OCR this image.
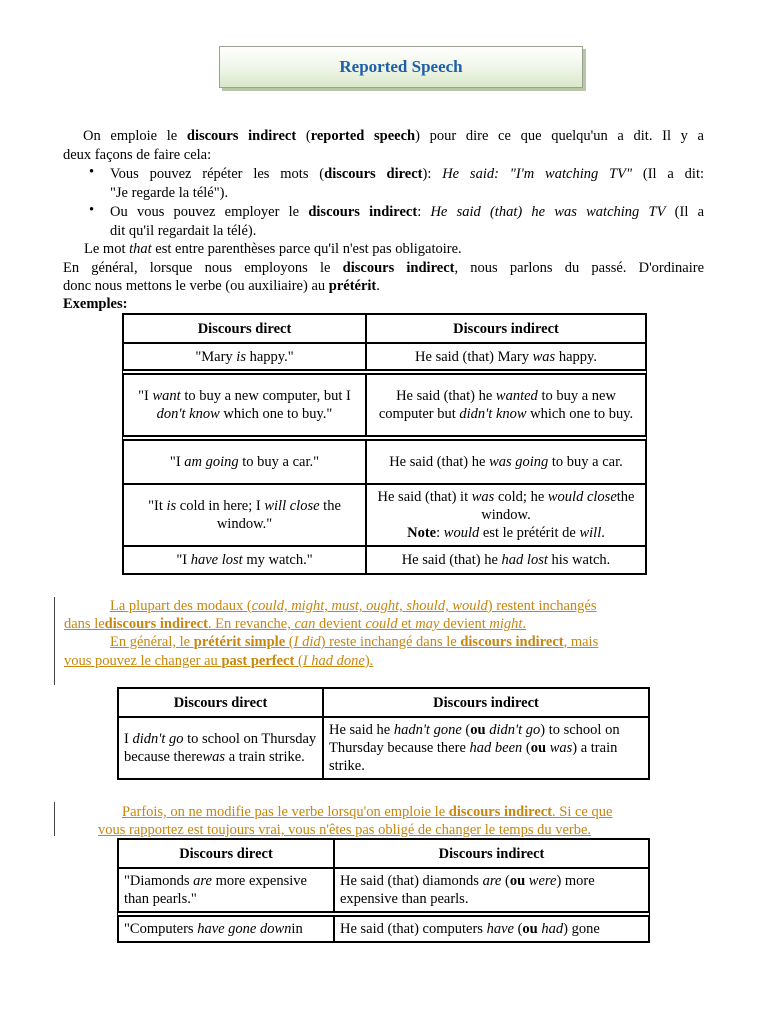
Reported Speech
On emploie le discours indirect (reported speech) pour dire ce que quelqu'un a dit. Il y a
deux façons de faire cela:
• Vous pouvez répéter les mots (discours direct): He said: "I'm watching TV" (Il a dit:
"Je regarde la télé").
• Ou vous pouvez employer le discours indirect: He said (that) he was watching TV (Il a
dit qu'il regardait la télé).
Le mot that est entre parenthèses parce qu'il n'est pas obligatoire.
En général, lorsque nous employons le discours indirect, nous parlons du passé. D'ordinaire
donc nous mettons le verbe (ou auxiliaire) au prétérit.
Exemples:
Discours direct	Discours indirect
"Mary is happy."	He said (that) Mary was happy.

"I want to buy a new computer, but I don't know which one to buy."	He said (that) he wanted to buy a new computer but didn't know which one to buy.

"I am going to buy a car."	He said (that) he was going to buy a car.
"It is cold in here; I will close the window."	He said (that) it was cold; he would closethe window.
Note: would est le prétérit de will.
"I have lost my watch."	He said (that) he had lost his watch.
La plupart des modaux (could, might, must, ought, should, would) restent inchangés
dans lediscours indirect. En revanche, can devient could et may devient might.
En général, le prétérit simple (I did) reste inchangé dans le discours indirect, mais
vous pouvez le changer au past perfect (I had done).
Discours direct	Discours indirect
I didn't go to school on Thursday because therewas a train strike.	He said he hadn't gone (ou didn't go) to school on Thursday because there had been (ou was) a train strike.
Parfois, on ne modifie pas le verbe lorsqu'on emploie le discours indirect. Si ce que
vous rapportez est toujours vrai, vous n'êtes pas obligé de changer le temps du verbe.
Discours direct	Discours indirect
"Diamonds are more expensive than pearls."	He said (that) diamonds are (ou were) more expensive than pearls.

"Computers have gone downin	He said (that) computers have (ou had) gone
